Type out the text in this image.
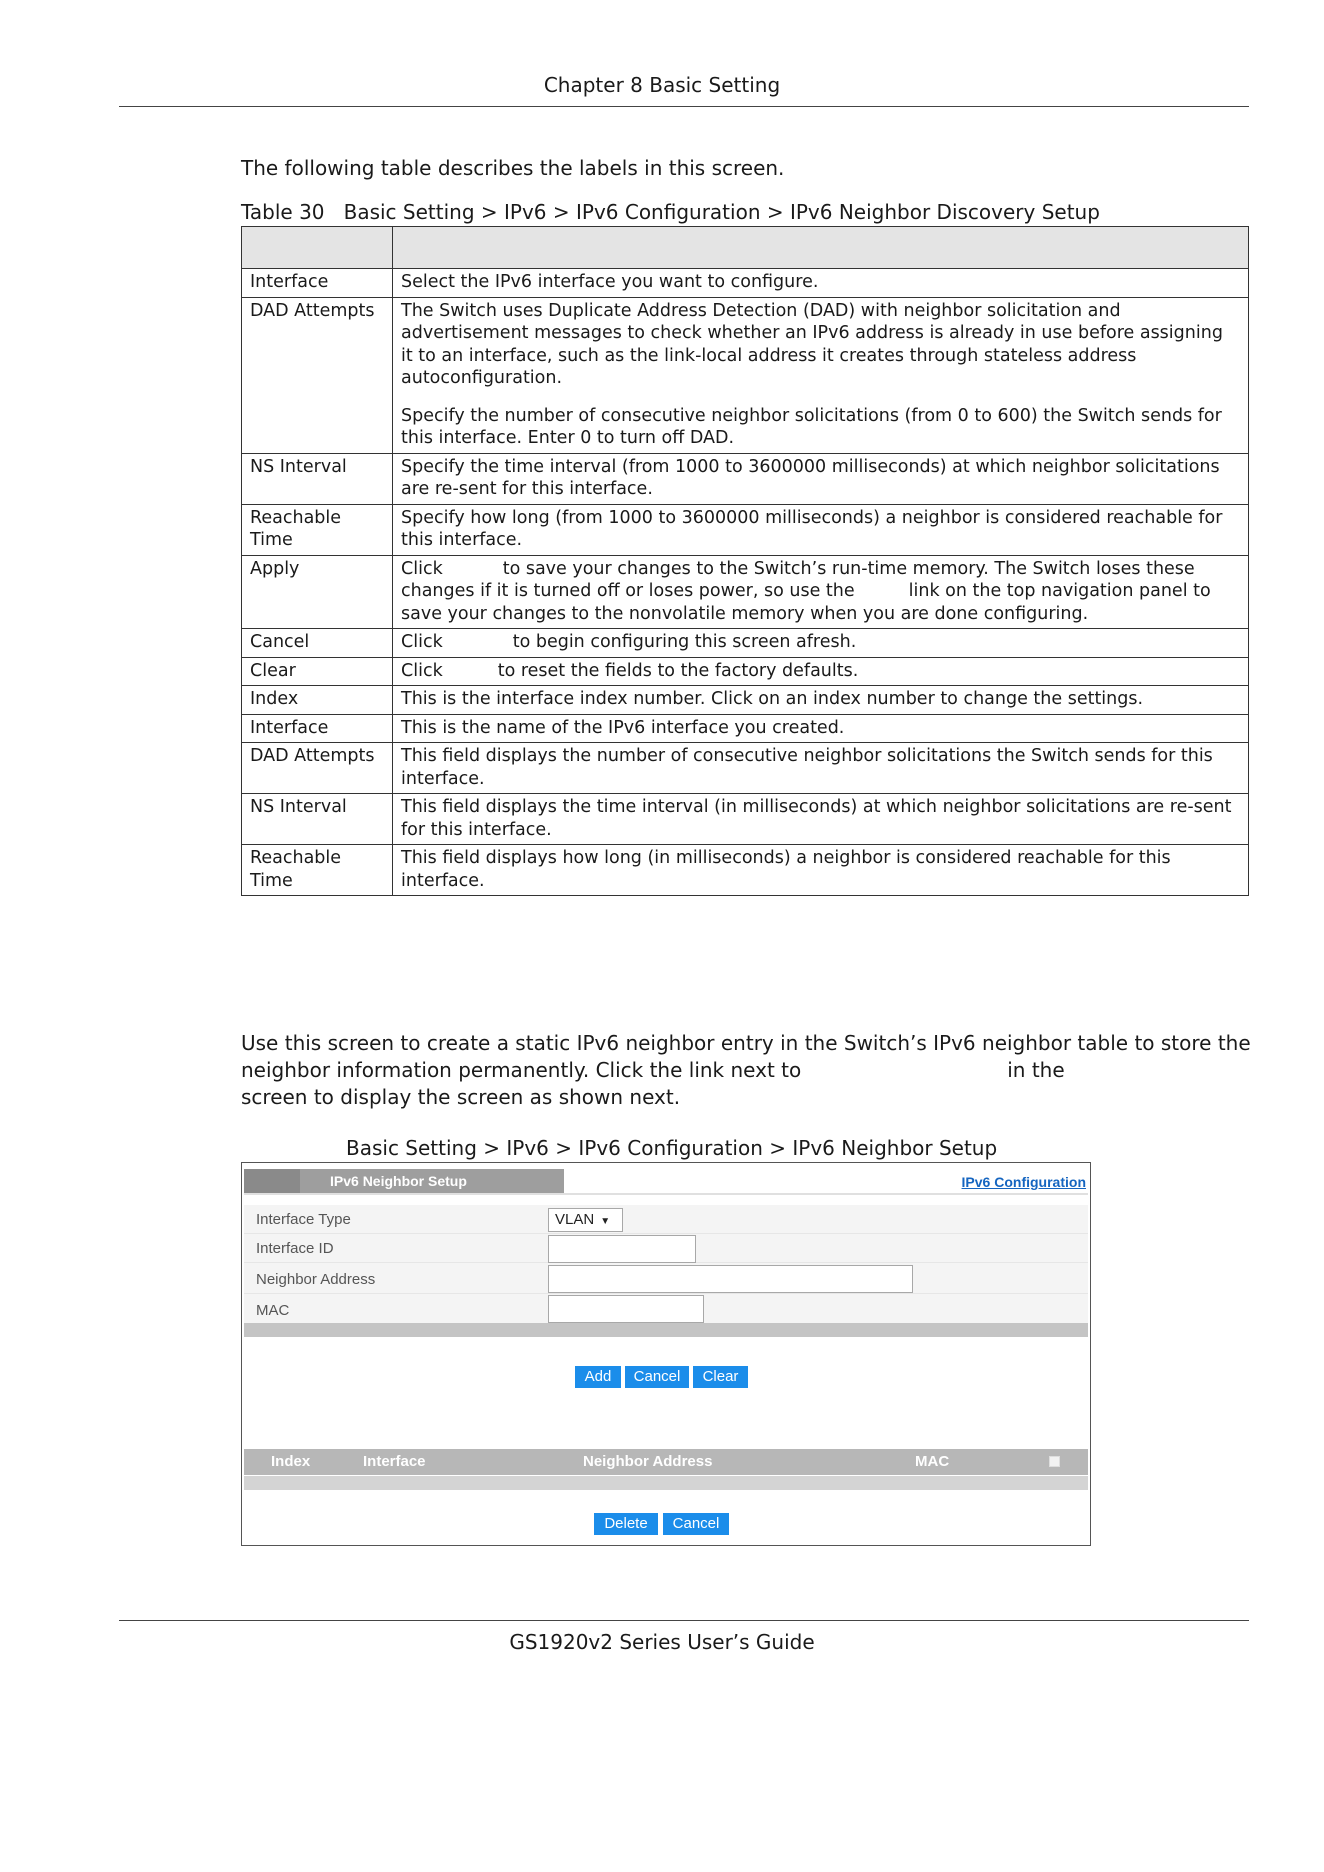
Chapter 8 Basic Setting
The following table describes the labels in this screen.
Table 30   Basic Setting > IPv6 > IPv6 Configuration > IPv6 Neighbor Discovery Setup

Interface	Select the IPv6 interface you want to configure.

DAD Attempts	The Switch uses Duplicate Address Detection (DAD) with neighbor solicitation and advertisement messages to check whether an IPv6 address is already in use before assigning it to an interface, such as the link-local address it creates through stateless address autoconfiguration.

Specify the number of consecutive neighbor solicitations (from 0 to 600) the Switch sends for this interface. Enter 0 to turn off DAD.

NS Interval	Specify the time interval (from 1000 to 3600000 milliseconds) at which neighbor solicitations are re-sent for this interface.

Reachable Time	Specify how long (from 1000 to 3600000 milliseconds) a neighbor is considered reachable for this interface.

Apply	Click to save your changes to the Switch’s run-time memory. The Switch loses these changes if it is turned off or loses power, so use the link on the top navigation panel to save your changes to the nonvolatile memory when you are done configuring.

Cancel	Click to begin configuring this screen afresh.

Clear	Click to reset the fields to the factory defaults.

Index	This is the interface index number. Click on an index number to change the settings.

Interface	This is the name of the IPv6 interface you created.

DAD Attempts	This field displays the number of consecutive neighbor solicitations the Switch sends for this interface.

NS Interval	This field displays the time interval (in milliseconds) at which neighbor solicitations are re-sent for this interface.

Reachable Time	This field displays how long (in milliseconds) a neighbor is considered reachable for this interface.

Use this screen to create a static IPv6 neighbor entry in the Switch’s IPv6 neighbor table to store the neighbor information permanently. Click the link next to	in thescreen to display the screen as shown next.
Basic Setting > IPv6 > IPv6 Configuration > IPv6 Neighbor Setup
IPv6 Neighbor Setup	IPv6 Configuration
Interface Type	VLAN ▼
Interface ID
Neighbor Address
MAC
Add	Cancel	Clear
Index	Interface	Neighbor Address	MAC
Delete	Cancel
GS1920v2 Series User’s Guide
